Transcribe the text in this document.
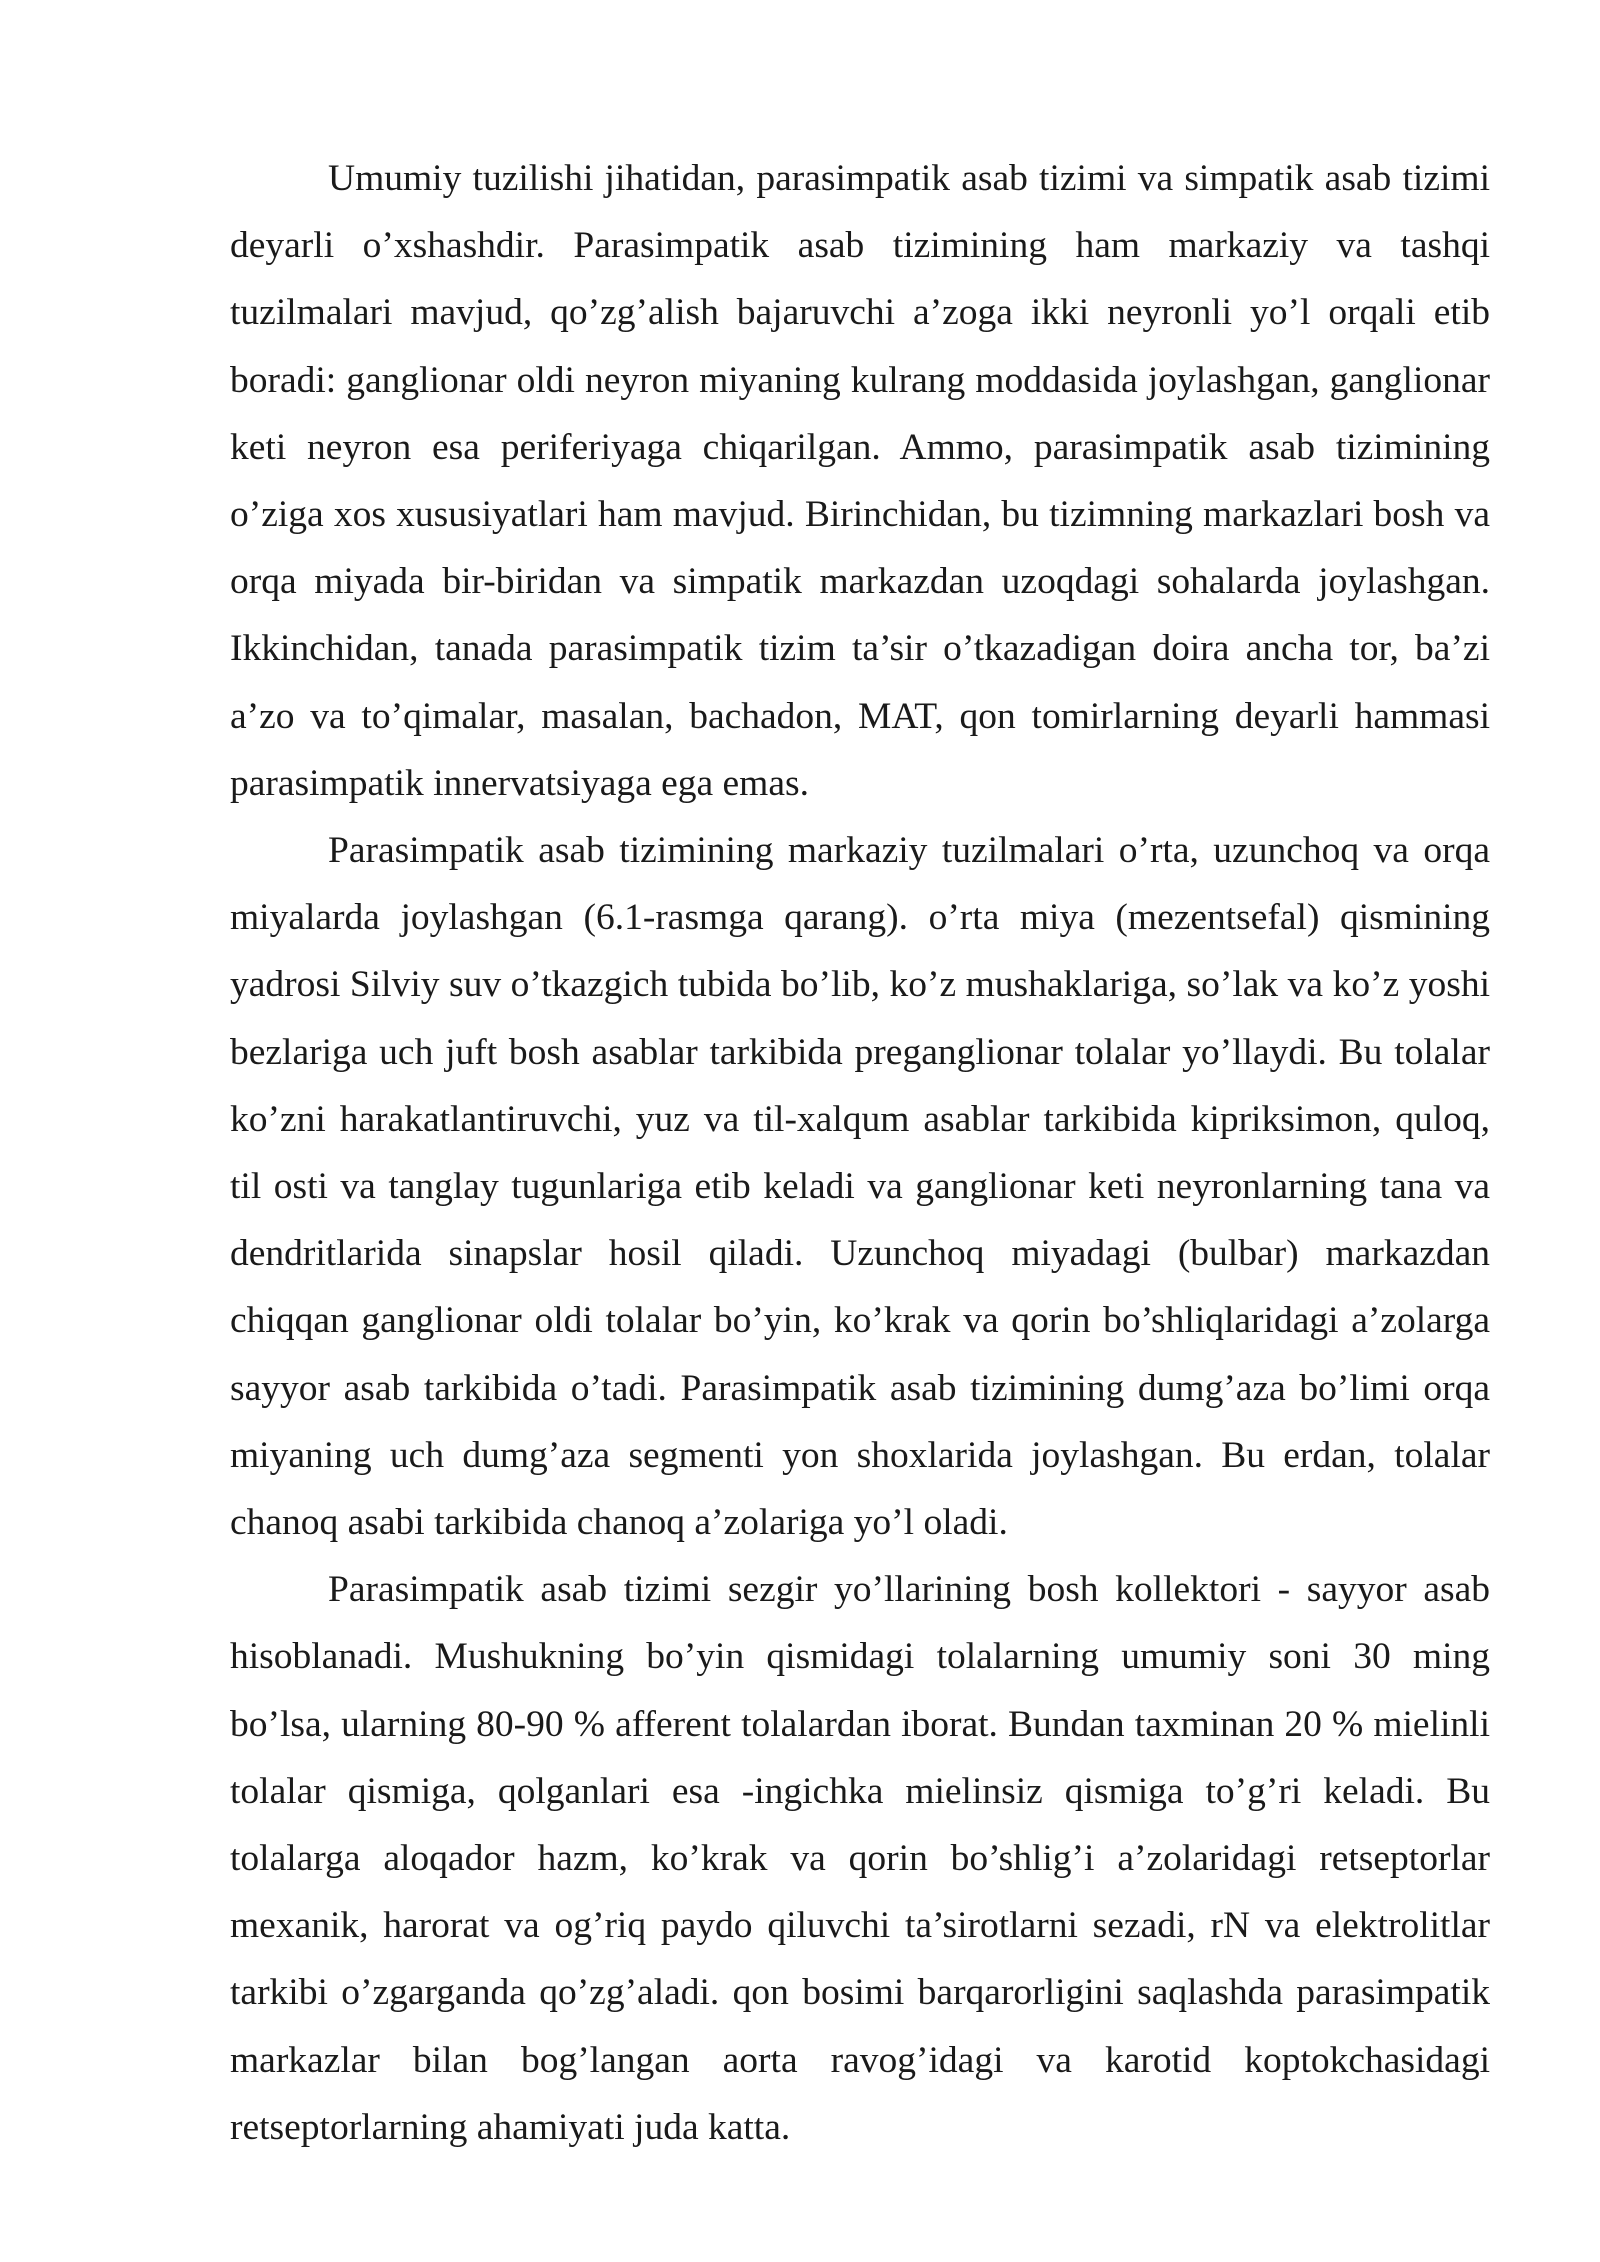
Umumiy tuzilishi jihatidan, parasimpatik asab tizimi va simpatik asab tizimi deyarli o’xshashdir. Parasimpatik asab tizimining ham markaziy va tashqi tuzilmalari mavjud, qo’zg’alish bajaruvchi a’zoga ikki neyronli yo’l orqali etib boradi: ganglionar oldi neyron miyaning kulrang moddasida joylashgan, ganglionar keti neyron esa periferiyaga chiqarilgan. Ammo, parasimpatik asab tizimining o’ziga xos xususiyatlari ham mavjud. Birinchidan, bu tizimning markazlari bosh va orqa miyada bir-biridan va simpatik markazdan uzoqdagi sohalarda joylashgan. Ikkinchidan, tanada parasimpatik tizim ta’sir o’tkazadigan doira ancha tor, ba’zi a’zo va to’qimalar, masalan, bachadon, MAT, qon tomirlarning deyarli hammasi parasimpatik innervatsiyaga ega emas.

Parasimpatik asab tizimining markaziy tuzilmalari o’rta, uzunchoq va orqa miyalarda joylashgan (6.1-rasmga qarang). o’rta miya (mezentsefal) qismining yadrosi Silviy suv o’tkazgich tubida bo’lib, ko’z mushaklariga, so’lak va ko’z yoshi bezlariga uch juft bosh asablar tarkibida preganglionar tolalar yo’llaydi. Bu tolalar ko’zni harakatlantiruvchi, yuz va til-xalqum asablar tarkibida kipriksimon, quloq, til osti va tanglay tugunlariga etib keladi va ganglionar keti neyronlarning tana va dendritlarida sinapslar hosil qiladi. Uzunchoq miyadagi (bulbar) markazdan chiqqan ganglionar oldi tolalar bo’yin, ko’krak va qorin bo’shliqlaridagi a’zolarga sayyor asab tarkibida o’tadi. Parasimpatik asab tizimining dumg’aza bo’limi orqa miyaning uch dumg’aza segmenti yon shoxlarida joylashgan. Bu erdan, tolalar chanoq asabi tarkibida chanoq a’zolariga yo’l oladi.

Parasimpatik asab tizimi sezgir yo’llarining bosh kollektori - sayyor asab hisoblanadi. Mushukning bo’yin qismidagi tolalarning umumiy soni 30 ming bo’lsa, ularning 80-90 % afferent tolalardan iborat. Bundan taxminan 20 % mielinli tolalar qismiga, qolganlari esa -ingichka mielinsiz qismiga to’g’ri keladi. Bu tolalarga aloqador hazm, ko’krak va qorin bo’shlig’i a’zolaridagi retseptorlar mexanik, harorat va og’riq paydo qiluvchi ta’sirotlarni sezadi, rN va elektrolitlar tarkibi o’zgarganda qo’zg’aladi. qon bosimi barqarorligini saqlashda parasimpatik markazlar bilan bog’langan aorta ravog’idagi va karotid koptokchasidagi retseptorlarning ahamiyati juda katta.
